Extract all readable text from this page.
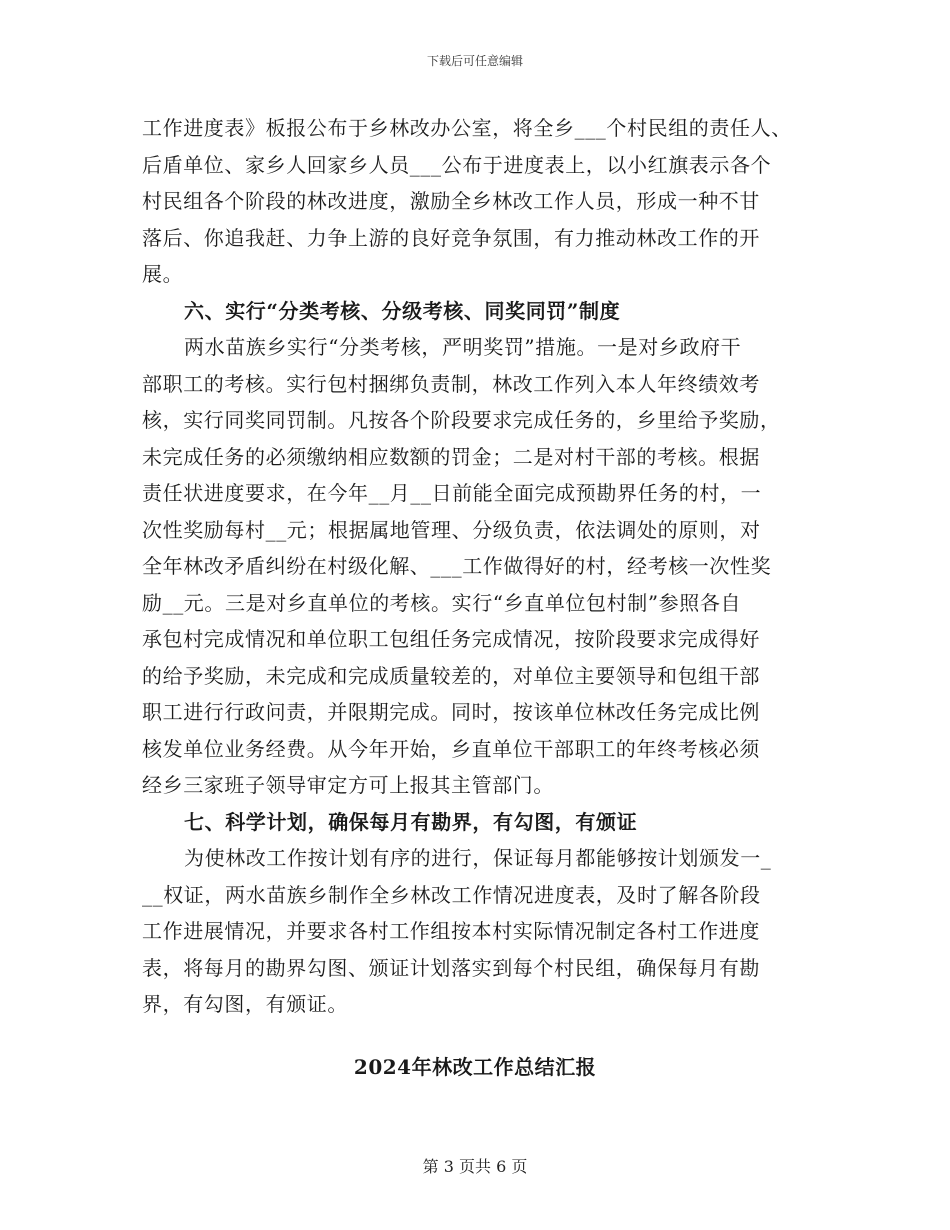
下载后可任意编辑
工作进度表》板报公布于乡林改办公室，将全乡___个村民组的责任人、
后盾单位、家乡人回家乡人员___公布于进度表上，以小红旗表示各个
村民组各个阶段的林改进度，激励全乡林改工作人员，形成一种不甘
落后、你追我赶、力争上游的良好竞争氛围，有力推动林改工作的开
展。
六、实行“分类考核、分级考核、同奖同罚”制度
两水苗族乡实行“分类考核，严明奖罚”措施。一是对乡政府干
部职工的考核。实行包村捆绑负责制，林改工作列入本人年终绩效考
核，实行同奖同罚制。凡按各个阶段要求完成任务的，乡里给予奖励，
未完成任务的必须缴纳相应数额的罚金；二是对村干部的考核。根据
责任状进度要求，在今年__月__日前能全面完成预勘界任务的村，一
次性奖励每村__元；根据属地管理、分级负责，依法调处的原则，对
全年林改矛盾纠纷在村级化解、___工作做得好的村，经考核一次性奖
励__元。三是对乡直单位的考核。实行“乡直单位包村制”参照各自
承包村完成情况和单位职工包组任务完成情况，按阶段要求完成得好
的给予奖励，未完成和完成质量较差的，对单位主要领导和包组干部
职工进行行政问责，并限期完成。同时，按该单位林改任务完成比例
核发单位业务经费。从今年开始，乡直单位干部职工的年终考核必须
经乡三家班子领导审定方可上报其主管部门。
七、科学计划，确保每月有勘界，有勾图，有颁证
为使林改工作按计划有序的进行，保证每月都能够按计划颁发一_
__权证，两水苗族乡制作全乡林改工作情况进度表，及时了解各阶段
工作进展情况，并要求各村工作组按本村实际情况制定各村工作进度
表，将每月的勘界勾图、颁证计划落实到每个村民组，确保每月有勘
界，有勾图，有颁证。
2024年林改工作总结汇报
第 3 页共 6 页
